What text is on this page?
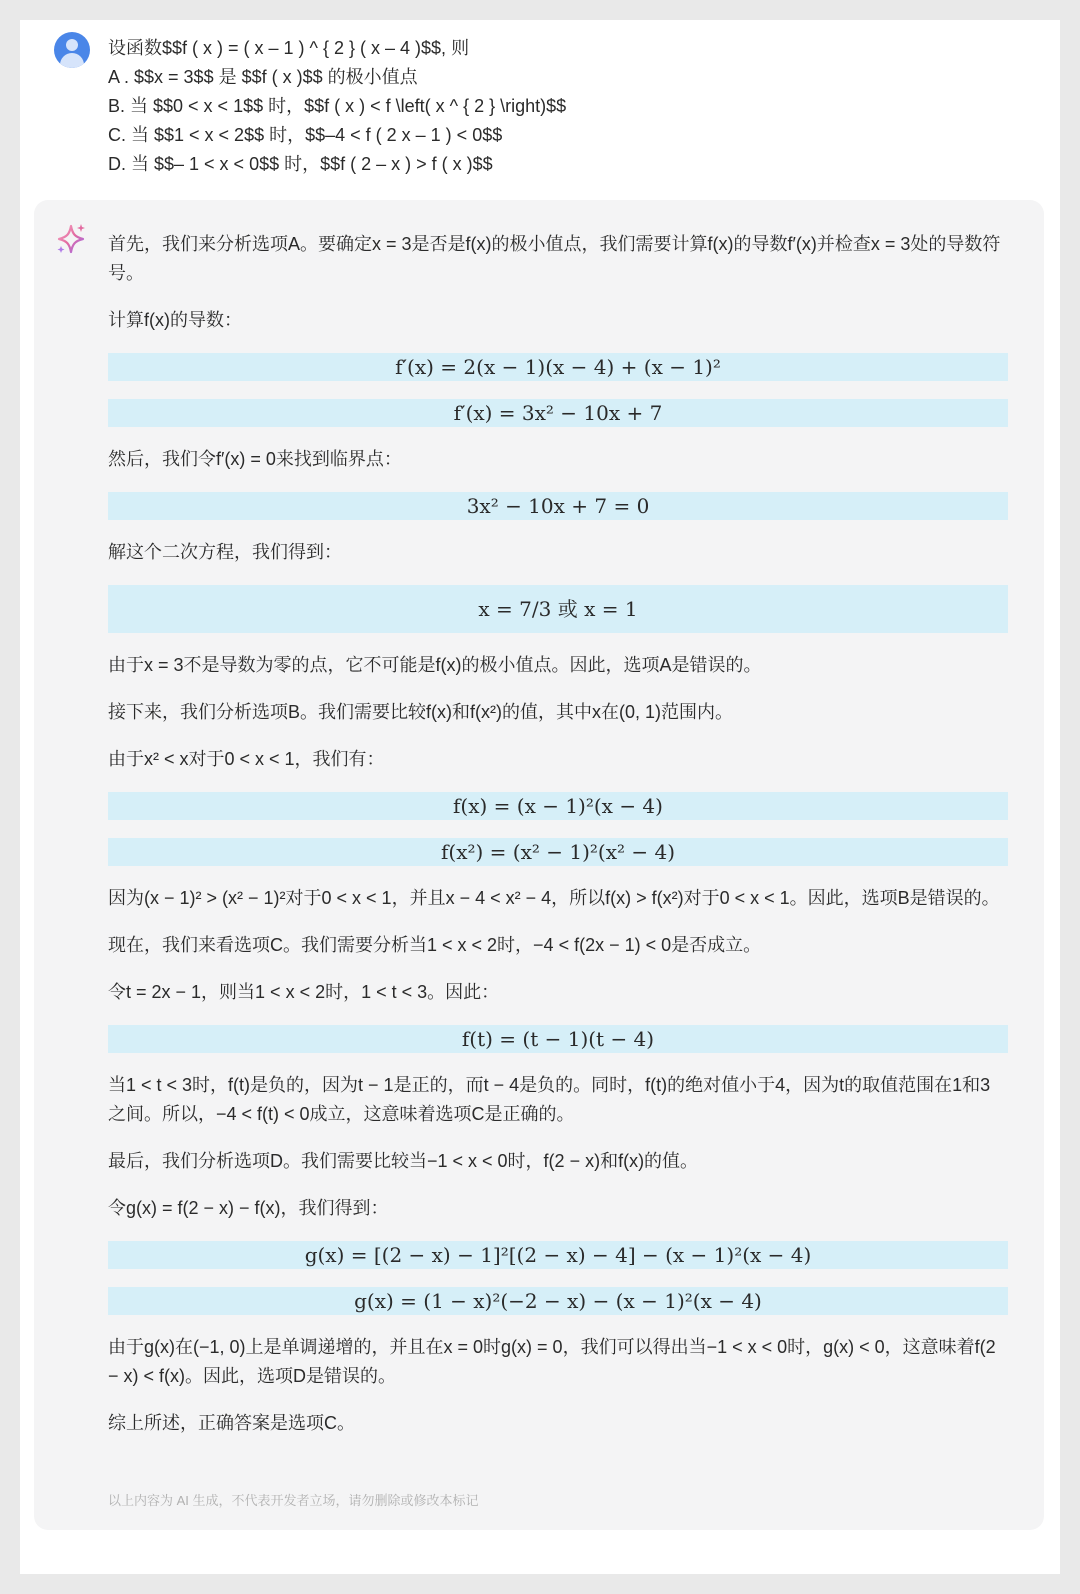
设函数$$f ( x ) = ( x – 1 ) ^ { 2 } ( x – 4 )$$, 则
A . $$x = 3$$ 是 $$f ( x )$$ 的极小值点
B. 当 $$0 < x < 1$$ 时，$$f ( x ) < f \left( x ^ { 2 } \right)$$
C. 当 $$1 < x < 2$$ 时，$$–4 < f ( 2 x – 1 ) < 0$$
D. 当 $$– 1 < x < 0$$ 时，$$f ( 2 – x ) > f ( x )$$

首先，我们来分析选项A。要确定x = 3是否是f(x)的极小值点，我们需要计算f(x)的导数f′(x)并检查x = 3处的导数符号。

计算f(x)的导数：

f′(x) = 2(x − 1)(x − 4) + (x − 1)²
f′(x) = 3x² − 10x + 7

然后，我们令f′(x) = 0来找到临界点：

3x² − 10x + 7 = 0

解这个二次方程，我们得到：

x = 7/3 或 x = 1

由于x = 3不是导数为零的点，它不可能是f(x)的极小值点。因此，选项A是错误的。

接下来，我们分析选项B。我们需要比较f(x)和f(x²)的值，其中x在(0, 1)范围内。

由于x² < x对于0 < x < 1，我们有：

f(x) = (x − 1)²(x − 4)
f(x²) = (x² − 1)²(x² − 4)

因为(x − 1)² > (x² − 1)²对于0 < x < 1，并且x − 4 < x² − 4，所以f(x) > f(x²)对于0 < x < 1。因此，选项B是错误的。

现在，我们来看选项C。我们需要分析当1 < x < 2时，−4 < f(2x − 1) < 0是否成立。

令t = 2x − 1，则当1 < x < 2时，1 < t < 3。因此：

f(t) = (t − 1)(t − 4)

当1 < t < 3时，f(t)是负的，因为t − 1是正的，而t − 4是负的。同时，f(t)的绝对值小于4，因为t的取值范围在1和3之间。所以，−4 < f(t) < 0成立，这意味着选项C是正确的。

最后，我们分析选项D。我们需要比较当−1 < x < 0时，f(2 − x)和f(x)的值。

令g(x) = f(2 − x) − f(x)，我们得到：

g(x) = [(2 − x) − 1]²[(2 − x) − 4] − (x − 1)²(x − 4)
g(x) = (1 − x)²(−2 − x) − (x − 1)²(x − 4)

由于g(x)在(−1, 0)上是单调递增的，并且在x = 0时g(x) = 0，我们可以得出当−1 < x < 0时，g(x) < 0，这意味着f(2 − x) < f(x)。因此，选项D是错误的。

综上所述，正确答案是选项C。

以上内容为 AI 生成，不代表开发者立场，请勿删除或修改本标记
